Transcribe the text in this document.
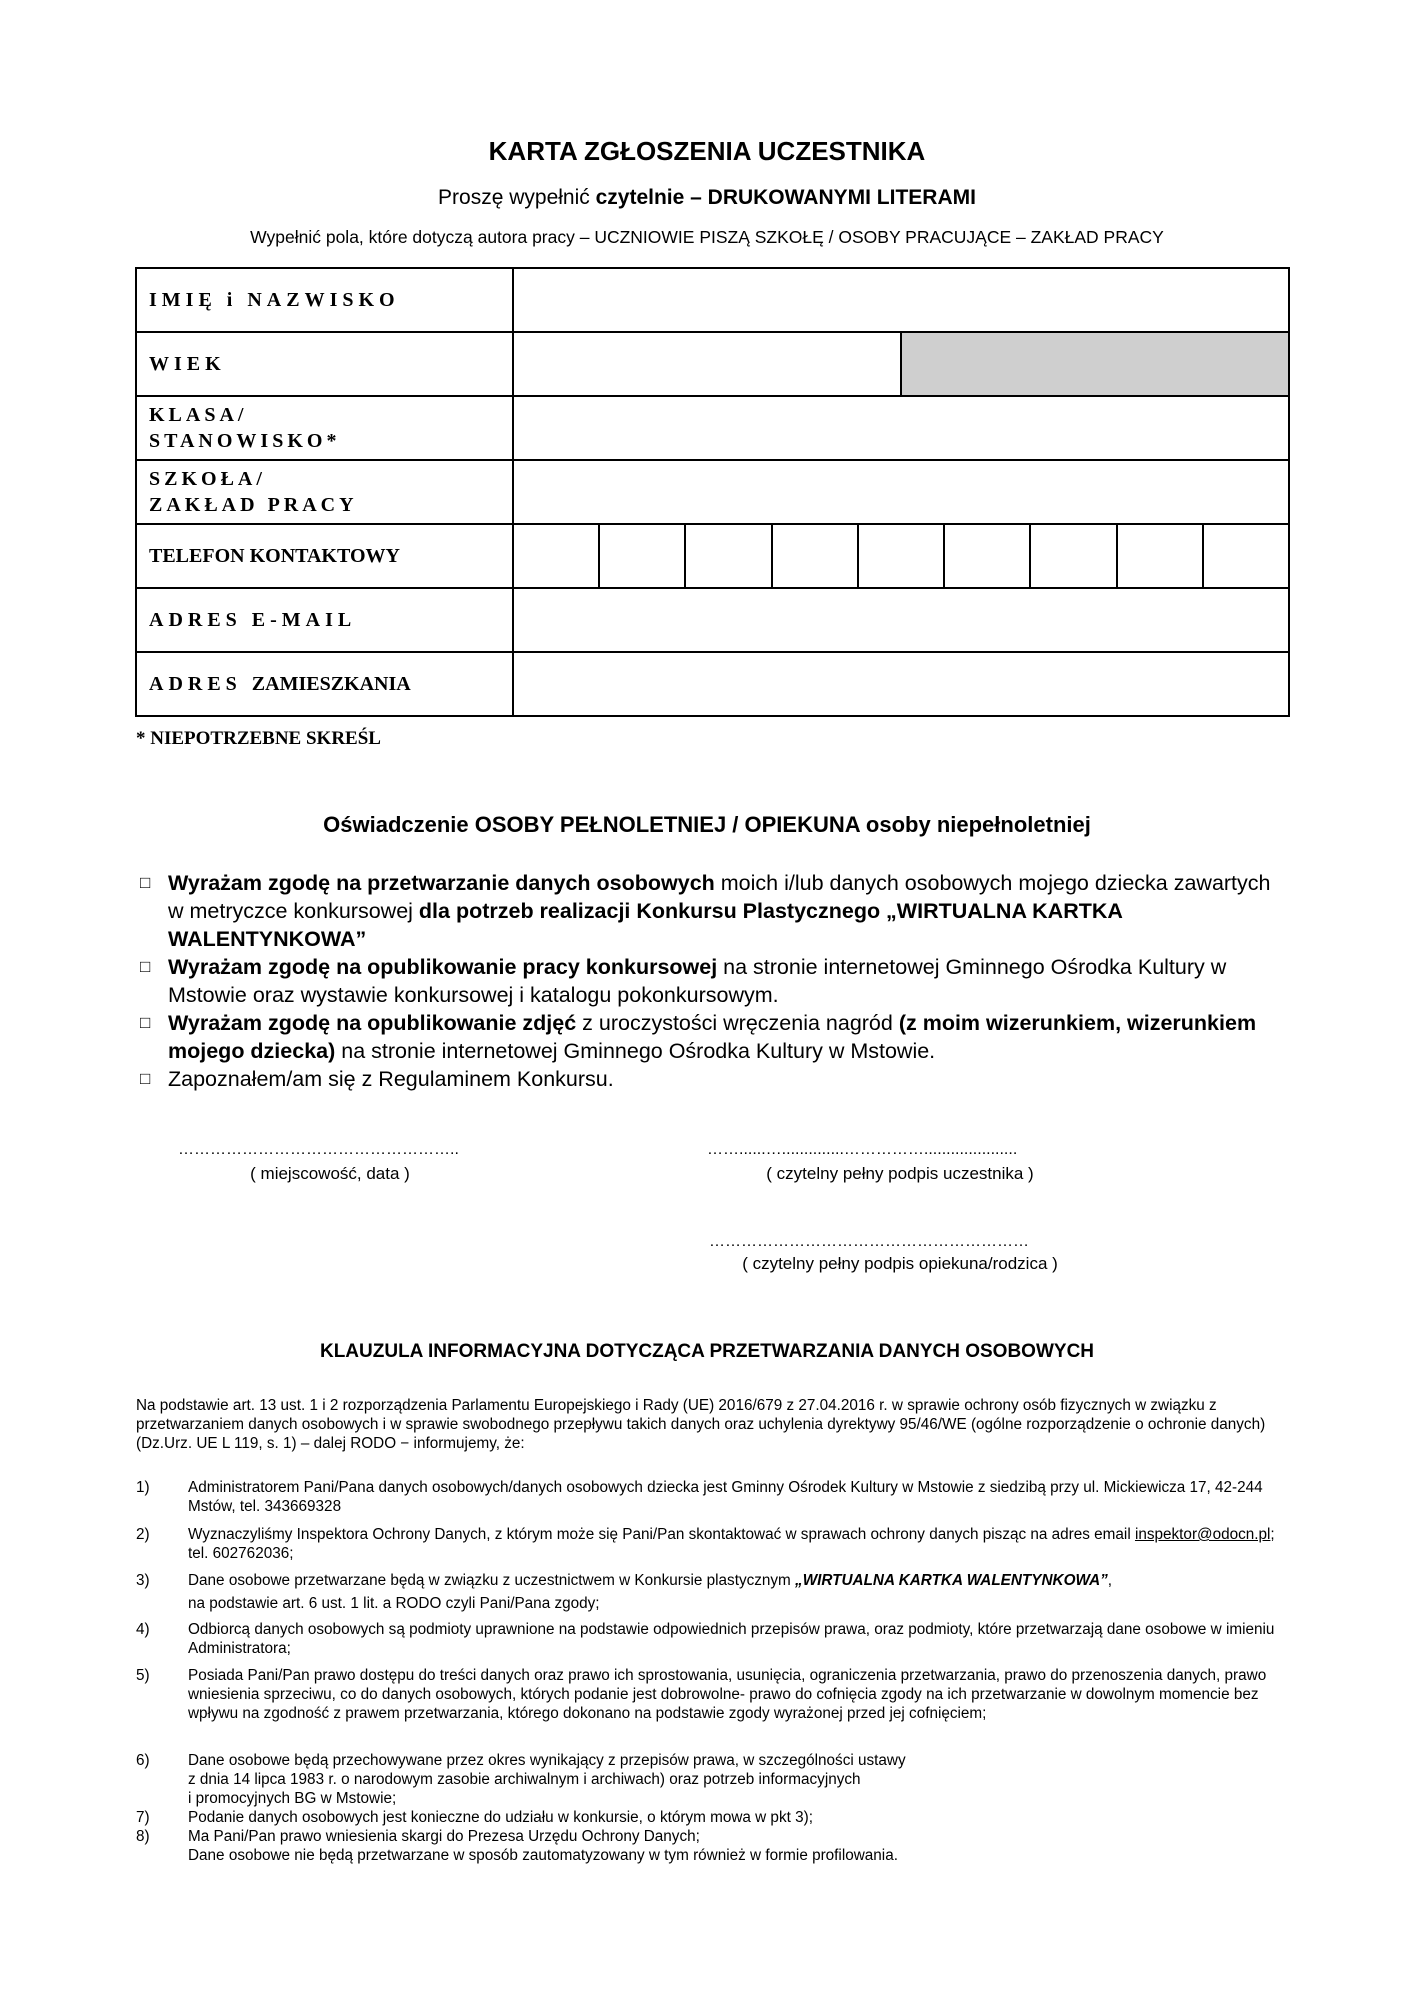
KARTA ZGŁOSZENIA UCZESTNIKA
Proszę wypełnić czytelnie – DRUKOWANYMI LITERAMI
Wypełnić pola, które dotyczą autora pracy – UCZNIOWIE PISZĄ SZKOŁĘ / OSOBY PRACUJĄCE – ZAKŁAD PRACY
IMIĘ i NAZWISKO		
WIEK		

KLASA/
STANOWISKO*		

SZKOŁA/
ZAKŁAD PRACY		

TELEFON KONTAKTOWY		

ADRES E-MAIL		
ADRES ZAMIESZKANIA		
* NIEPOTRZEBNE SKREŚL
Oświadczenie OSOBY PEŁNOLETNIEJ / OPIEKUNA osoby niepełnoletniej
□ Wyrażam zgodę na przetwarzanie danych osobowych moich i/lub danych osobowych mojego dziecka zawartych w metryczce konkursowej dla potrzeb realizacji Konkursu Plastycznego „WIRTUALNA KARTKA WALENTYNKOWA”
□ Wyrażam zgodę na opublikowanie pracy konkursowej na stronie internetowej Gminnego Ośrodka Kultury w Mstowie oraz wystawie konkursowej i katalogu pokonkursowym.
□ Wyrażam zgodę na opublikowanie zdjęć z uroczystości wręczenia nagród (z moim wizerunkiem, wizerunkiem mojego dziecka) na stronie internetowej Gminnego Ośrodka Kultury w Mstowie.
□ Zapoznałem/am się z Regulaminem Konkursu.
……………………………………………..
( miejscowość, data )
……......…..............…………….....................
( czytelny pełny podpis uczestnika )
……………………………………………………
( czytelny pełny podpis opiekuna/rodzica )
KLAUZULA INFORMACYJNA DOTYCZĄCA PRZETWARZANIA DANYCH OSOBOWYCH
Na podstawie art. 13 ust. 1 i 2 rozporządzenia Parlamentu Europejskiego i Rady (UE) 2016/679 z 27.04.2016 r. w sprawie ochrony osób fizycznych w związku z przetwarzaniem danych osobowych i w sprawie swobodnego przepływu takich danych oraz uchylenia dyrektywy 95/46/WE (ogólne rozporządzenie o ochronie danych) (Dz.Urz. UE L 119, s. 1) – dalej RODO − informujemy, że:
1)	Administratorem Pani/Pana danych osobowych/danych osobowych dziecka jest Gminny Ośrodek Kultury w Mstowie z siedzibą przy ul. Mickiewicza 17, 42-244 Mstów, tel. 343669328
2)	Wyznaczyliśmy Inspektora Ochrony Danych, z którym może się Pani/Pan skontaktować w sprawach ochrony danych pisząc na adres email inspektor@odocn.pl; tel. 602762036;
3)	Dane osobowe przetwarzane będą w związku z uczestnictwem w Konkursie plastycznym „WIRTUALNA KARTKA WALENTYNKOWA”,
na podstawie art. 6 ust. 1 lit. a RODO czyli Pani/Pana zgody;
4)	Odbiorcą danych osobowych są podmioty uprawnione na podstawie odpowiednich przepisów prawa, oraz podmioty, które przetwarzają dane osobowe w imieniu Administratora;
5)	Posiada Pani/Pan prawo dostępu do treści danych oraz prawo ich sprostowania, usunięcia, ograniczenia przetwarzania, prawo do przenoszenia danych, prawo wniesienia sprzeciwu, co do danych osobowych, których podanie jest dobrowolne- prawo do cofnięcia zgody na ich przetwarzanie w dowolnym momencie bez wpływu na zgodność z prawem przetwarzania, którego dokonano na podstawie zgody wyrażonej przed jej cofnięciem;
6)	Dane osobowe będą przechowywane przez okres wynikający z przepisów prawa, w szczególności ustawy
z dnia 14 lipca 1983 r. o narodowym zasobie archiwalnym i archiwach) oraz potrzeb informacyjnych
i promocyjnych BG w Mstowie;
7)	Podanie danych osobowych jest konieczne do udziału w konkursie, o którym mowa w pkt 3);
8)	Ma Pani/Pan prawo wniesienia skargi do Prezesa Urzędu Ochrony Danych;
Dane osobowe nie będą przetwarzane w sposób zautomatyzowany w tym również w formie profilowania.
